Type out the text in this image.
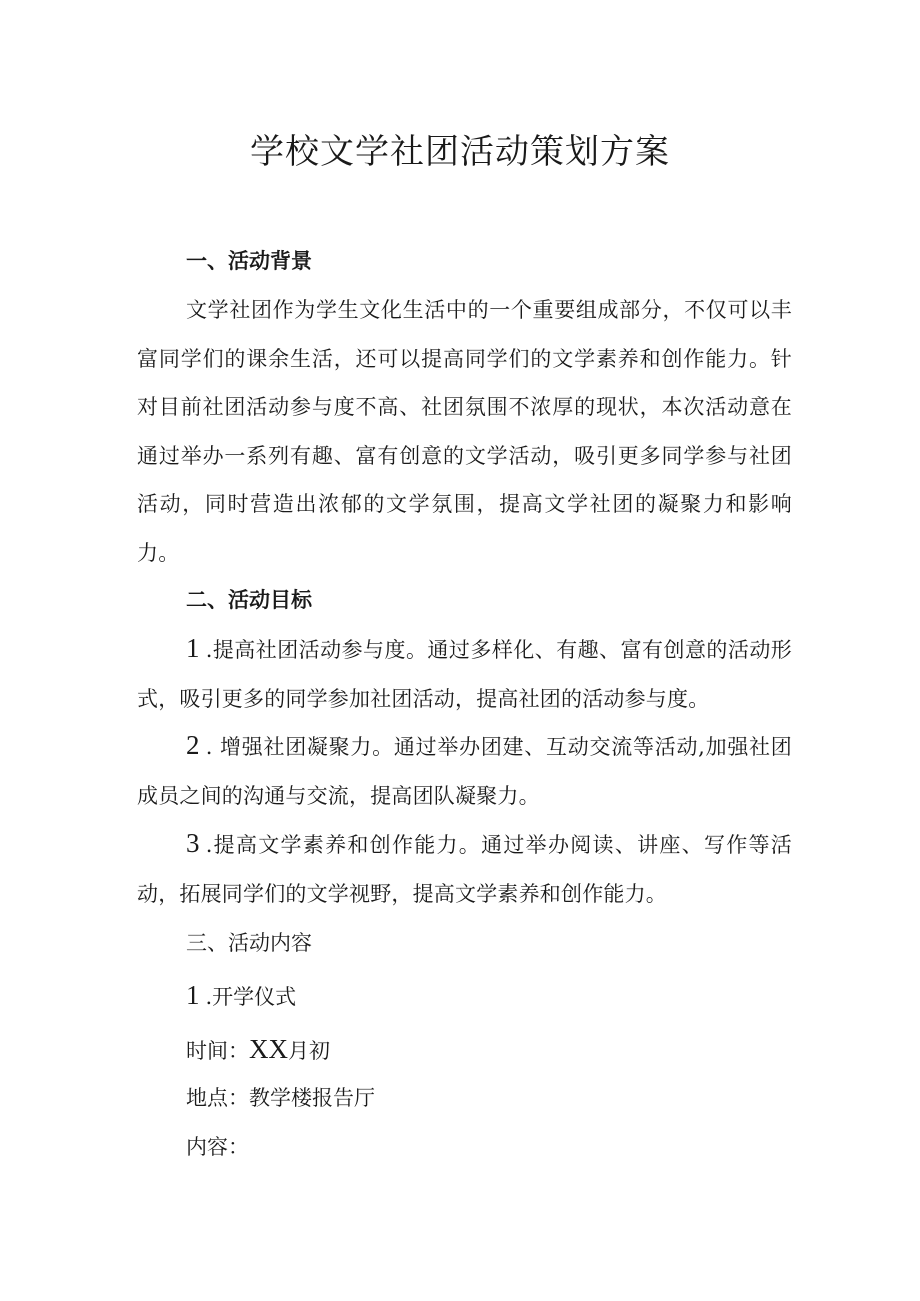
学校文学社团活动策划方案

一、活动背景

文学社团作为学生文化生活中的一个重要组成部分，不仅可以丰富同学们的课余生活，还可以提高同学们的文学素养和创作能力。针对目前社团活动参与度不高、社团氛围不浓厚的现状，本次活动意在通过举办一系列有趣、富有创意的文学活动，吸引更多同学参与社团活动，同时营造出浓郁的文学氛围，提高文学社团的凝聚力和影响力。

二、活动目标

1 .提高社团活动参与度。通过多样化、有趣、富有创意的活动形式，吸引更多的同学参加社团活动，提高社团的活动参与度。

2 . 增强社团凝聚力。通过举办团建、互动交流等活动,加强社团成员之间的沟通与交流，提高团队凝聚力。

3 .提高文学素养和创作能力。通过举办阅读、讲座、写作等活动，拓展同学们的文学视野，提高文学素养和创作能力。

三、活动内容

1 .开学仪式

时间：XX月初

地点：教学楼报告厅

内容：
